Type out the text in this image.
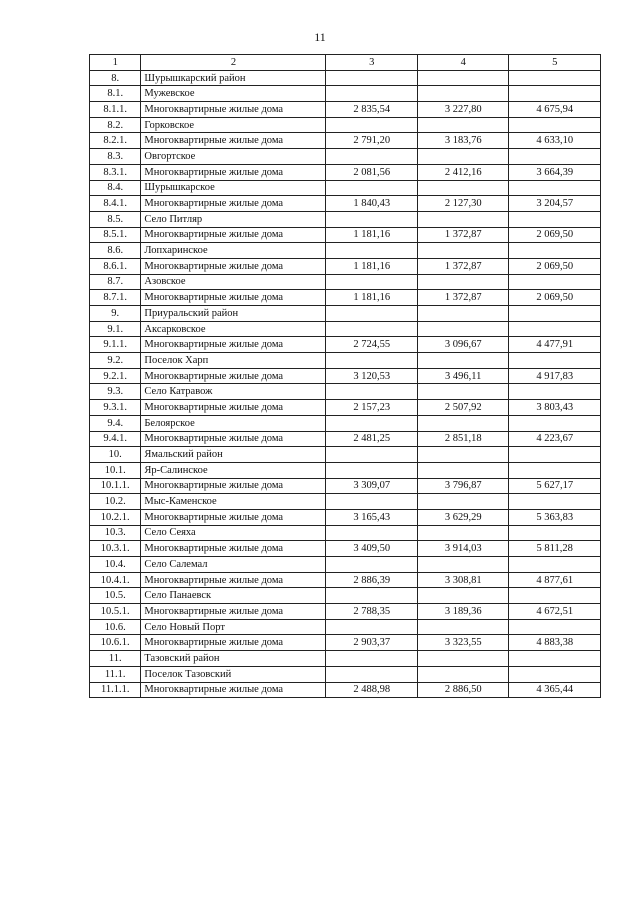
11
1	2	3	4	5
8.	Шурышкарский район			
8.1.	Мужевское			
8.1.1.	Многоквартирные жилые дома	2 835,54	3 227,80	4 675,94
8.2.	Горковское			
8.2.1.	Многоквартирные жилые дома	2 791,20	3 183,76	4 633,10
8.3.	Овгортское			
8.3.1.	Многоквартирные жилые дома	2 081,56	2 412,16	3 664,39
8.4.	Шурышкарское			
8.4.1.	Многоквартирные жилые дома	1 840,43	2 127,30	3 204,57
8.5.	Село Питляр			
8.5.1.	Многоквартирные жилые дома	1 181,16	1 372,87	2 069,50
8.6.	Лопхаринское			
8.6.1.	Многоквартирные жилые дома	1 181,16	1 372,87	2 069,50
8.7.	Азовское			
8.7.1.	Многоквартирные жилые дома	1 181,16	1 372,87	2 069,50
9.	Приуральский район			
9.1.	Аксарковское			
9.1.1.	Многоквартирные жилые дома	2 724,55	3 096,67	4 477,91
9.2.	Поселок Харп			
9.2.1.	Многоквартирные жилые дома	3 120,53	3 496,11	4 917,83
9.3.	Село Катравож			
9.3.1.	Многоквартирные жилые дома	2 157,23	2 507,92	3 803,43
9.4.	Белоярское			
9.4.1.	Многоквартирные жилые дома	2 481,25	2 851,18	4 223,67
10.	Ямальский район			
10.1.	Яр-Салинское			
10.1.1.	Многоквартирные жилые дома	3 309,07	3 796,87	5 627,17
10.2.	Мыс-Каменское			
10.2.1.	Многоквартирные жилые дома	3 165,43	3 629,29	5 363,83
10.3.	Село Сеяха			
10.3.1.	Многоквартирные жилые дома	3 409,50	3 914,03	5 811,28
10.4.	Село Салемал			
10.4.1.	Многоквартирные жилые дома	2 886,39	3 308,81	4 877,61
10.5.	Село Панаевск			
10.5.1.	Многоквартирные жилые дома	2 788,35	3 189,36	4 672,51
10.6.	Село Новый Порт			
10.6.1.	Многоквартирные жилые дома	2 903,37	3 323,55	4 883,38
11.	Тазовский район			
11.1.	Поселок Тазовский			
11.1.1.	Многоквартирные жилые дома	2 488,98	2 886,50	4 365,44
